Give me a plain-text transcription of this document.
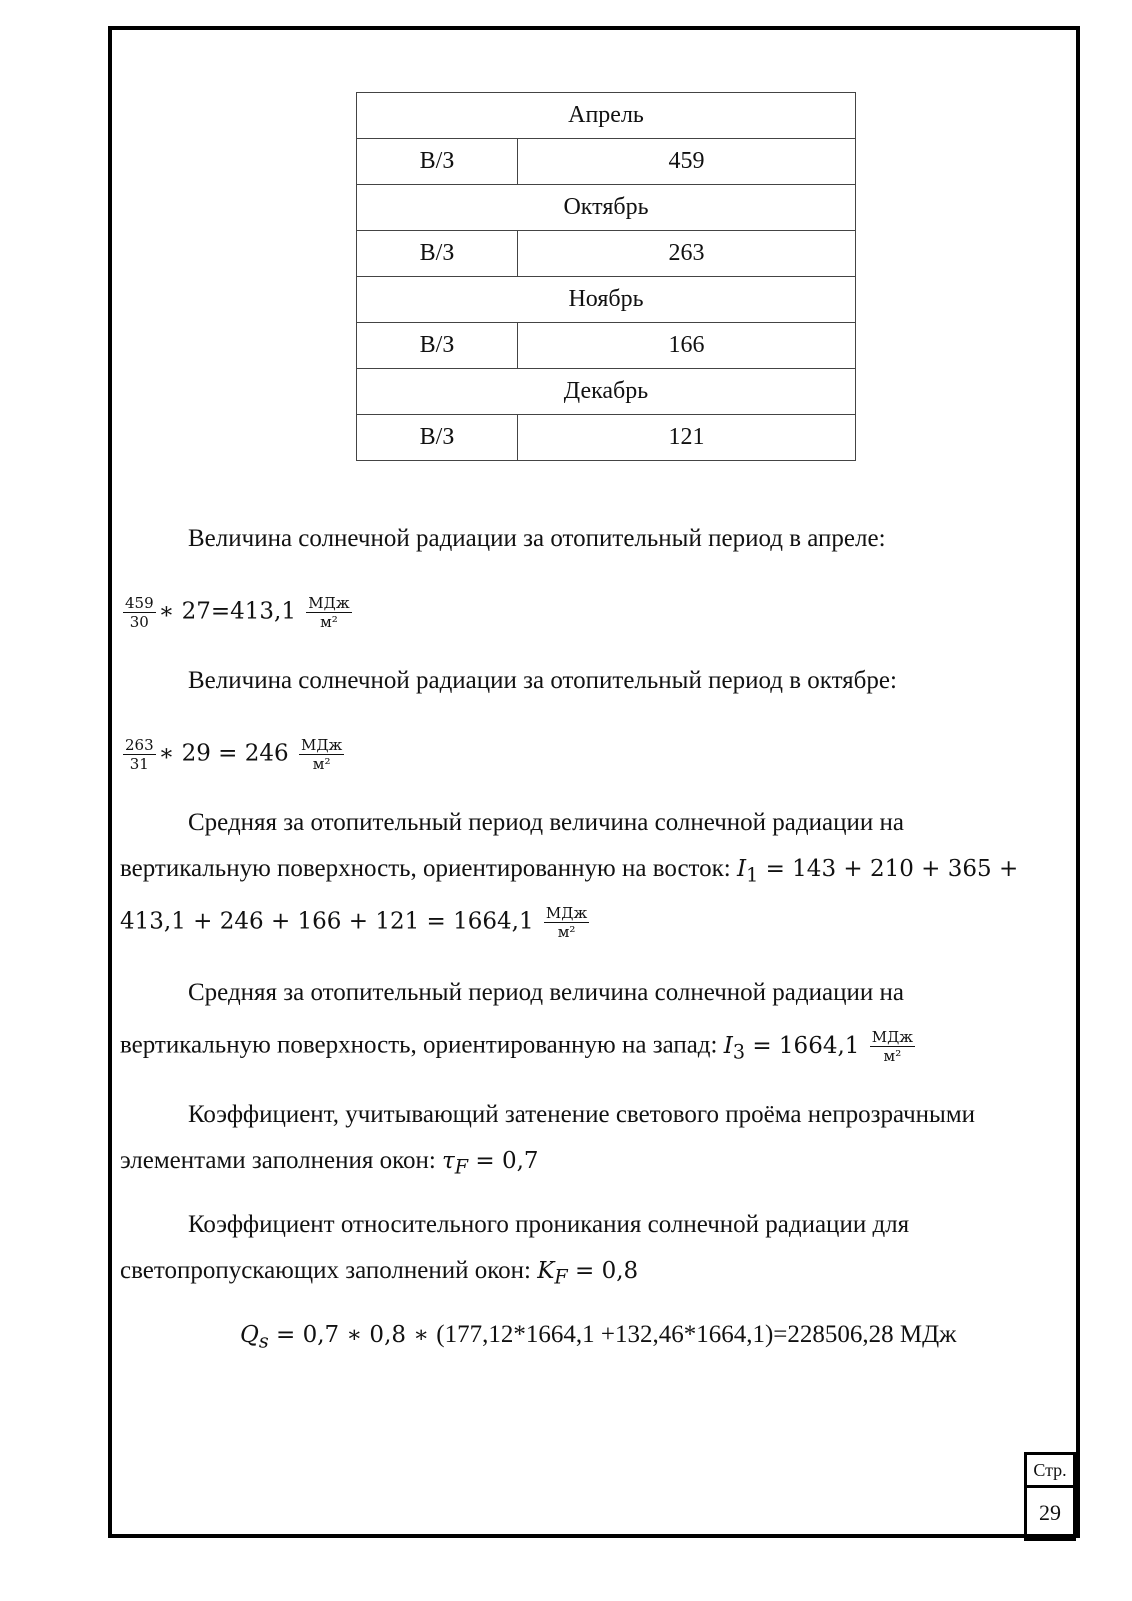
Апрель	
В/З	459
Октябрь	
В/З	263
Ноябрь	
В/З	166
Декабрь	
В/З	121
Величина солнечной радиации за отопительный период в апреле:
$\frac{459}{30}$ ∗ $27=413,1 \frac{\text{МДж}}{\text{м²}}$
Величина солнечной радиации за отопительный период в октябре:
$\frac{263}{31}$ ∗ $29 = 246 \frac{\text{МДж}}{\text{м²}}$
Средняя за отопительный период величина солнечной радиации на
вертикальную поверхность, ориентированную на восток: $I_1 = 143 + 210 + 365$ +
$413,1 + 246 + 166 + 121 = 1664,1 \frac{\text{МДж}}{\text{м²}}$
Средняя за отопительный период величина солнечной радиации на
вертикальную поверхность, ориентированную на запад: $I_3 = 1664,1 \frac{\text{МДж}}{\text{м²}}$
Коэффициент, учитывающий затенение светового проёма непрозрачными
элементами заполнения окон: $\tau_F = 0,7$
Коэффициент относительного проникания солнечной радиации для
светопропускающих заполнений окон: $K_F = 0,8$
$Q_s = 0,7$ ∗ 0,8 ∗ (177,12*1664,1 +132,46*1664,1)=228506,28 МДж
Стр.
29
